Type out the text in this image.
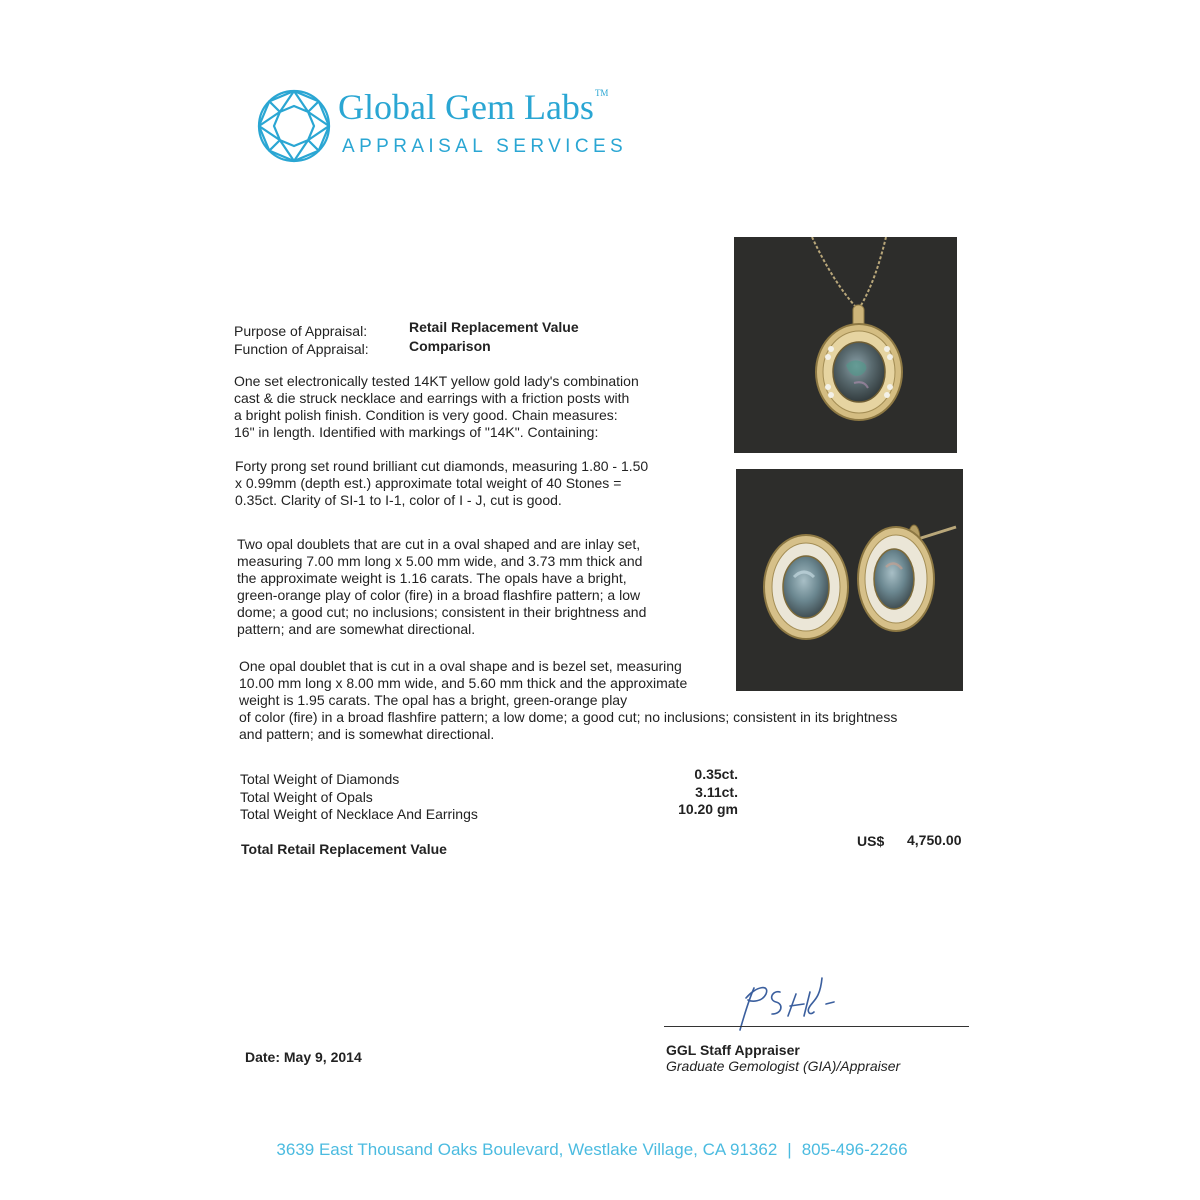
Global Gem Labs™
APPRAISAL SERVICES
Purpose of Appraisal:	Retail Replacement Value
Function of Appraisal:	Comparison
One set electronically tested 14KT yellow gold lady's combination
cast & die struck necklace and earrings with a friction posts with
a bright polish finish. Condition is very good. Chain measures:
16" in length. Identified with markings of "14K". Containing:
Forty prong set round brilliant cut diamonds, measuring 1.80 - 1.50
x 0.99mm (depth est.) approximate total weight of 40 Stones =
0.35ct. Clarity of SI-1 to I-1, color of I - J, cut is good.
Two opal doublets that are cut in a oval shaped and are inlay set,
measuring 7.00 mm long x 5.00 mm wide, and 3.73 mm thick and
the approximate weight is 1.16 carats. The opals have a bright,
green-orange play of color (fire) in a broad flashfire pattern; a low
dome; a good cut; no inclusions; consistent in their brightness and
pattern; and are somewhat directional.
One opal doublet that is cut in a oval shape and is bezel set, measuring
10.00 mm long x 8.00 mm wide, and 5.60 mm thick and the approximate
weight is 1.95 carats. The opal has a bright, green-orange play
of color (fire) in a broad flashfire pattern; a low dome; a good cut; no inclusions; consistent in its brightness
and pattern; and is somewhat directional.
Total Weight of Diamonds	0.35ct.
Total Weight of Opals	3.11ct.
Total Weight of Necklace And Earrings	10.20 gm
Total Retail Replacement Value	US$ 4,750.00
Date: May 9, 2014	GGL Staff Appraiser
Graduate Gemologist (GIA)/Appraiser
3639 East Thousand Oaks Boulevard, Westlake Village, CA 91362 | 805-496-2266
